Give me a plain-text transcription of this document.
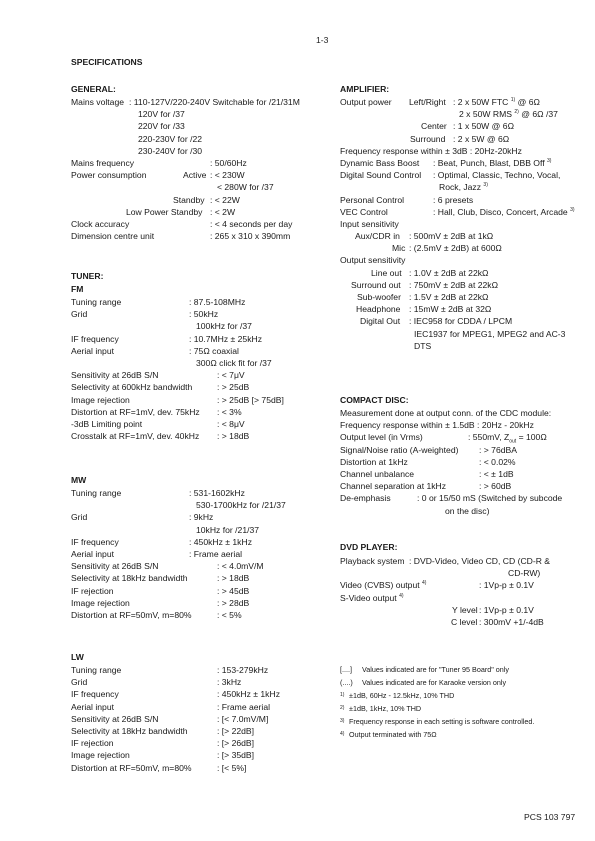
1-3
SPECIFICATIONS
GENERAL:
Mains voltage : 110-127V/220-240V Switchable for /21/31M
120V for /37
220V for /33
220-230V for /22
230-240V for /30
Mains frequency	: 50/60Hz
Power consumption	Active : < 230W
< 280W for /37
Standby : < 22W
Low Power Standby : < 2W
Clock accuracy	: < 4 seconds per day
Dimension centre unit	: 265 x 310 x 390mm
TUNER:
FM
Tuning range	: 87.5-108MHz
Grid	: 50kHz
100kHz for /37
IF frequency	: 10.7MHz ± 25kHz
Aerial input	: 75Ω coaxial
300Ω click fit for /37
Sensitivity at 26dB S/N	: < 7μV
Selectivity at 600kHz bandwidth	: > 25dB
Image rejection	: > 25dB [> 75dB]
Distortion at RF=1mV, dev. 75kHz : < 3%
-3dB Limiting point	: < 8μV
Crosstalk at RF=1mV, dev. 40kHz : > 18dB
MW
Tuning range	: 531-1602kHz
530-1700kHz for /21/37
Grid	: 9kHz
10kHz for /21/37
IF frequency	: 450kHz ± 1kHz
Aerial input	: Frame aerial
Sensitivity at 26dB S/N	: < 4.0mV/M
Selectivity at 18kHz bandwidth	: > 18dB
IF rejection	: > 45dB
Image rejection	: > 28dB
Distortion at RF=50mV, m=80%	: < 5%
LW
Tuning range	: 153-279kHz
Grid	: 3kHz
IF frequency	: 450kHz ± 1kHz
Aerial input	: Frame aerial
Sensitivity at 26dB S/N	: [< 7.0mV/M]
Selectivity at 18kHz bandwidth	: [> 22dB]
IF rejection	: [> 26dB]
Image rejection	: [> 35dB]
Distortion at RF=50mV, m=80%	: [< 5%]
AMPLIFIER:
Output power Left/Right : 2 x 50W FTC $^{1)}$ @ 6Ω
2 x 50W RMS $^{2)}$ @ 6Ω /37
Center : 1 x 50W @ 6Ω
Surround : 2 x 5W @ 6Ω
Frequency response within ± 3dB : 20Hz-20kHz
Dynamic Bass Boost : Beat, Punch, Blast, DBB Off $^{3)}$
Digital Sound Control : Optimal, Classic, Techno, Vocal,
Rock, Jazz $^{3)}$
Personal Control	: 6 presets
VEC Control	: Hall, Club, Disco, Concert, Arcade $^{3)}$
Input sensitivity
Aux/CDR in : 500mV ± 2dB at 1kΩ
Mic : (2.5mV ± 2dB) at 600Ω
Output sensitivity
Line out : 1.0V ± 2dB at 22kΩ
Surround out : 750mV ± 2dB at 22kΩ
Sub-woofer : 1.5V ± 2dB at 22kΩ
Headphone : 15mW ± 2dB at 32Ω
Digital Out : IEC958 for CDDA / LPCM
IEC1937 for MPEG1, MPEG2 and AC-3
DTS
COMPACT DISC:
Measurement done at output conn. of the CDC module:
Frequency response within ± 1.5dB : 20Hz - 20kHz
Output level (in Vrms)	: 550mV, $Z_{out} = 100\Omega$
Signal/Noise ratio (A-weighted) : > 76dBA
Distortion at 1kHz	: < 0.02%
Channel unbalance	: < ± 1dB
Channel separation at 1kHz	: > 60dB
De-emphasis	: 0 or 15/50 mS (Switched by subcode
on the disc)
DVD PLAYER:
Playback system : DVD-Video, Video CD, CD (CD-R &
CD-RW)
Video (CVBS) output $^{4)}$	: 1Vp-p ± 0.1V
S-Video output $^{4)}$
Y level : 1Vp-p ± 0.1V
C level : 300mV +1/-4dB
[....] Values indicated are for "Tuner 95 Board" only
(....) Values indicated are for Karaoke version only
1) ±1dB, 60Hz - 12.5kHz, 10% THD
2) ±1dB, 1kHz, 10% THD
3) Frequency response in each setting is software controlled.
4) Output terminated with 75Ω
PCS 103 797
